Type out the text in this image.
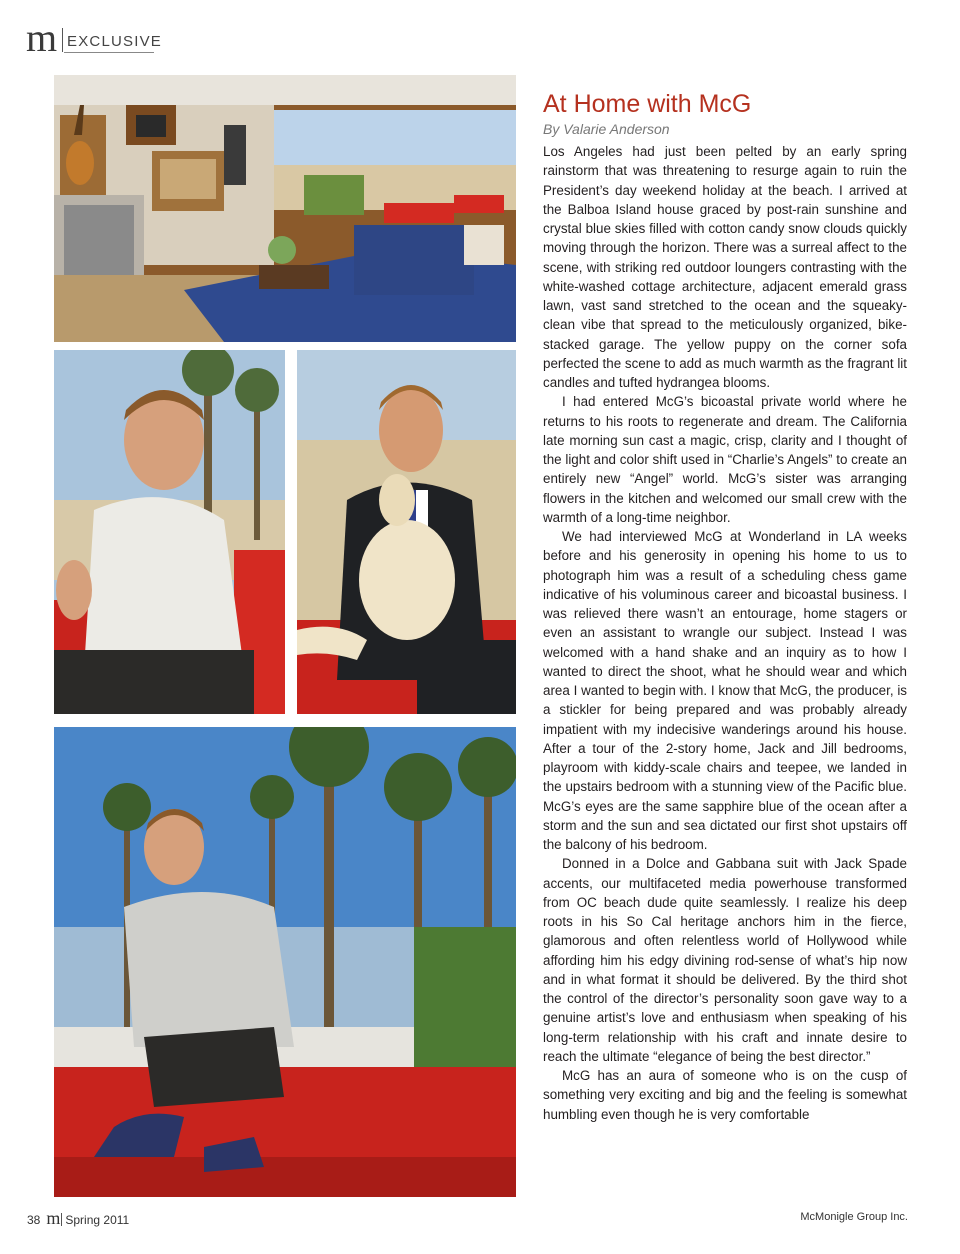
m EXCLUSIVE
At Home with McG
By Valarie Anderson

Los Angeles had just been pelted by an early spring rainstorm that was threatening to resurge again to ruin the President’s day weekend holiday at the beach. I arrived at the Balboa Island house graced by post-rain sunshine and crystal blue skies filled with cotton candy snow clouds quickly moving through the horizon. There was a surreal affect to the scene, with striking red outdoor loungers contrasting with the white-washed cottage architecture, adjacent emerald grass lawn, vast sand stretched to the ocean and the squeaky-clean vibe that spread to the meticulously organized, bike-stacked garage. The yellow puppy on the corner sofa perfected the scene to add as much warmth as the fragrant lit candles and tufted hydrangea blooms.

I had entered McG’s bicoastal private world where he returns to his roots to regenerate and dream. The California late morning sun cast a magic, crisp, clarity and I thought of the light and color shift used in “Charlie’s Angels” to create an entirely new “Angel” world. McG’s sister was arranging flowers in the kitchen and welcomed our small crew with the warmth of a long-time neighbor.

We had interviewed McG at Wonderland in LA weeks before and his generosity in opening his home to us to photograph him was a result of a scheduling chess game indicative of his voluminous career and bicoastal business. I was relieved there wasn’t an entourage, home stagers or even an assistant to wrangle our subject. Instead I was welcomed with a hand shake and an inquiry as to how I wanted to direct the shoot, what he should wear and which area I wanted to begin with. I know that McG, the producer, is a stickler for being prepared and was probably already impatient with my indecisive wanderings around his house. After a tour of the 2-story home, Jack and Jill bedrooms, playroom with kiddy-scale chairs and teepee, we landed in the upstairs bedroom with a stunning view of the Pacific blue. McG’s eyes are the same sapphire blue of the ocean after a storm and the sun and sea dictated our first shot upstairs off the balcony of his bedroom.

Donned in a Dolce and Gabbana suit with Jack Spade accents, our multifaceted media powerhouse transformed from OC beach dude quite seamlessly. I realize his deep roots in his So Cal heritage anchors him in the fierce, glamorous and often relentless world of Hollywood while affording him his edgy divining rod-sense of what’s hip now and in what format it should be delivered. By the third shot the control of the director’s personality soon gave way to a genuine artist’s love and enthusiasm when speaking of his long-term relationship with his craft and innate desire to reach the ultimate “elegance of being the best director.”

McG has an aura of someone who is on the cusp of something very exciting and big and the feeling is somewhat humbling even though he is very comfortable

38 m Spring 2011	McMonigle Group Inc.
